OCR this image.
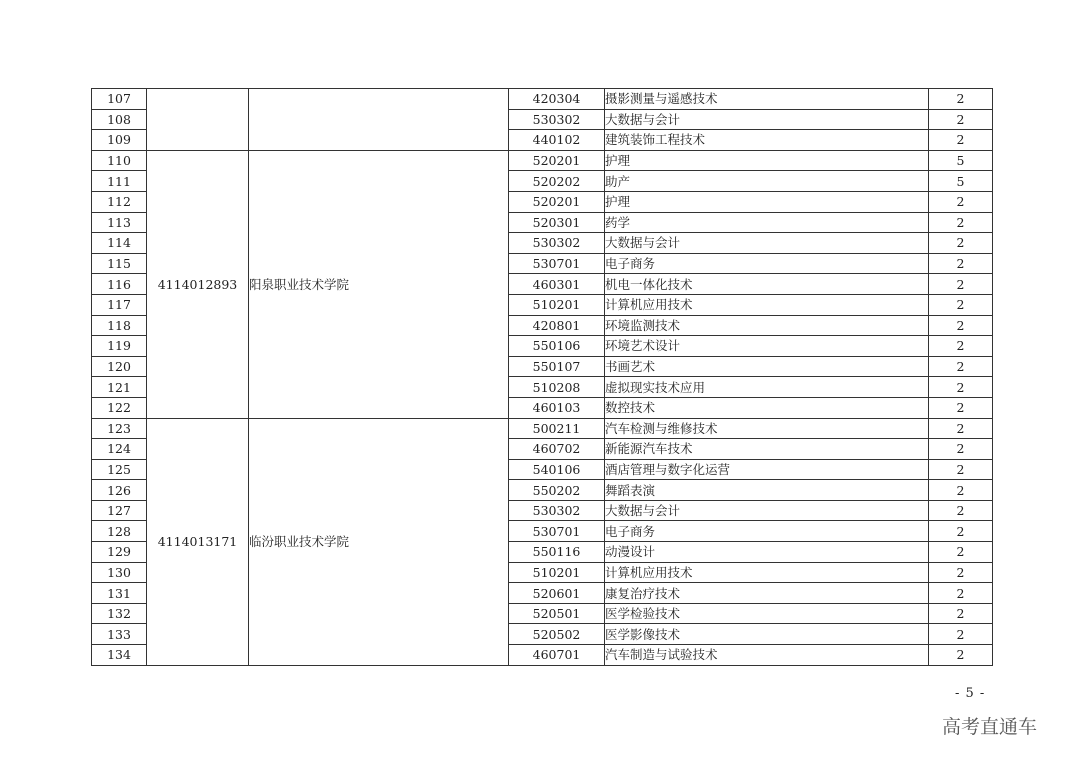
107			420304	摄影测量与遥感技术	2
108			530302	大数据与会计	2
109			440102	建筑装饰工程技术	2
110	4114012893	阳泉职业技术学院	520201	护理	5
111			520202	助产	5
112			520201	护理	2
113			520301	药学	2
114			530302	大数据与会计	2
115			530701	电子商务	2
116			460301	机电一体化技术	2
117			510201	计算机应用技术	2
118			420801	环境监测技术	2
119			550106	环境艺术设计	2
120			550107	书画艺术	2
121			510208	虚拟现实技术应用	2
122			460103	数控技术	2
123	4114013171	临汾职业技术学院	500211	汽车检测与维修技术	2
124			460702	新能源汽车技术	2
125			540106	酒店管理与数字化运营	2
126			550202	舞蹈表演	2
127			530302	大数据与会计	2
128			530701	电子商务	2
129			550116	动漫设计	2
130			510201	计算机应用技术	2
131			520601	康复治疗技术	2
132			520501	医学检验技术	2
133			520502	医学影像技术	2
134			460701	汽车制造与试验技术	2
- 5 -
高考直通车
